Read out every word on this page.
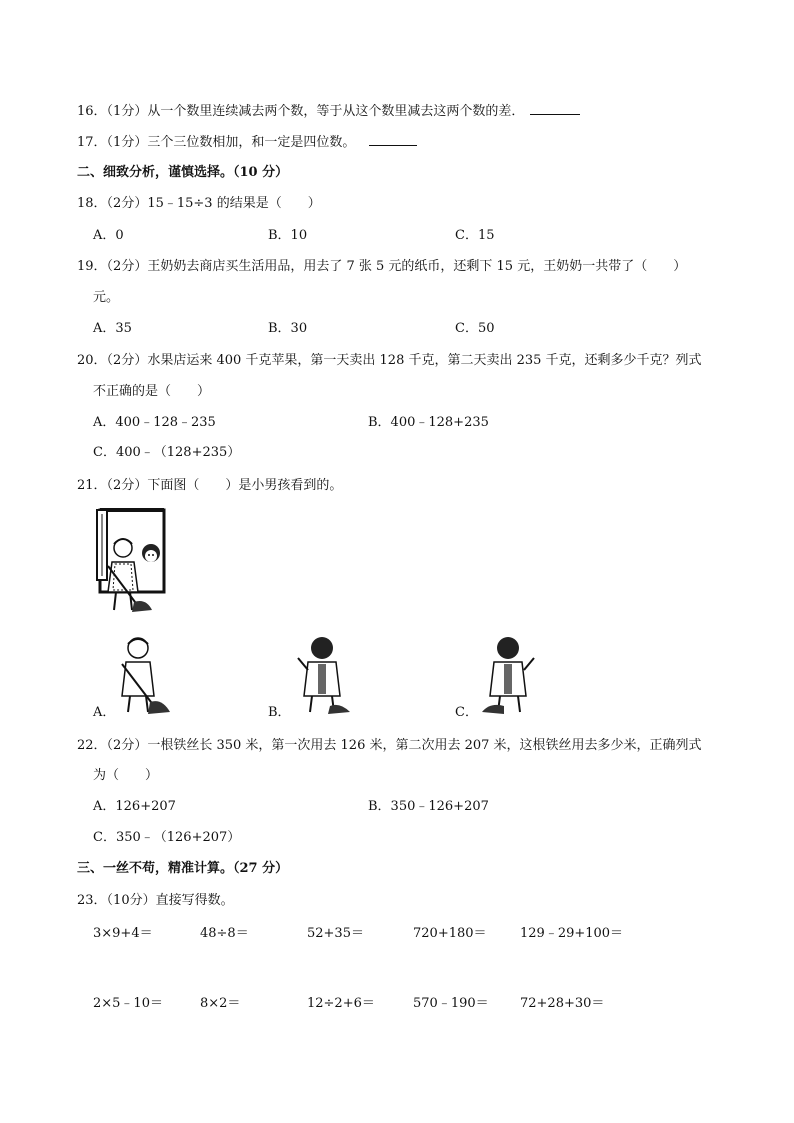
16．（1分）从一个数里连续减去两个数，等于从这个数里减去这两个数的差．
17．（1分）三个三位数相加，和一定是四位数。
二、细致分析，谨慎选择。（10 分）
18．（2分）15﹣15÷3 的结果是（　　）
A．0	B．10	C．15
19．（2分）王奶奶去商店买生活用品，用去了 7 张 5 元的纸币，还剩下 15 元，王奶奶一共带了（　　）
元。
A．35	B．30	C．50
20．（2分）水果店运来 400 千克苹果，第一天卖出 128 千克，第二天卖出 235 千克，还剩多少千克？列式
不正确的是（　　）
A．400﹣128﹣235	B．400﹣128+235
C．400﹣（128+235）
21．（2分）下面图（　　）是小男孩看到的。
A．	B．	C．
22．（2分）一根铁丝长 350 米，第一次用去 126 米，第二次用去 207 米，这根铁丝用去多少米，正确列式
为（　　）
A．126+207	B．350﹣126+207
C．350﹣（126+207）
三、一丝不苟，精准计算。（27 分）
23．（10分）直接写得数。
3×9+4＝	48÷8＝	52+35＝	720+180＝	129﹣29+100＝
2×5﹣10＝	8×2＝	12÷2+6＝	570﹣190＝ 72+28+30＝
